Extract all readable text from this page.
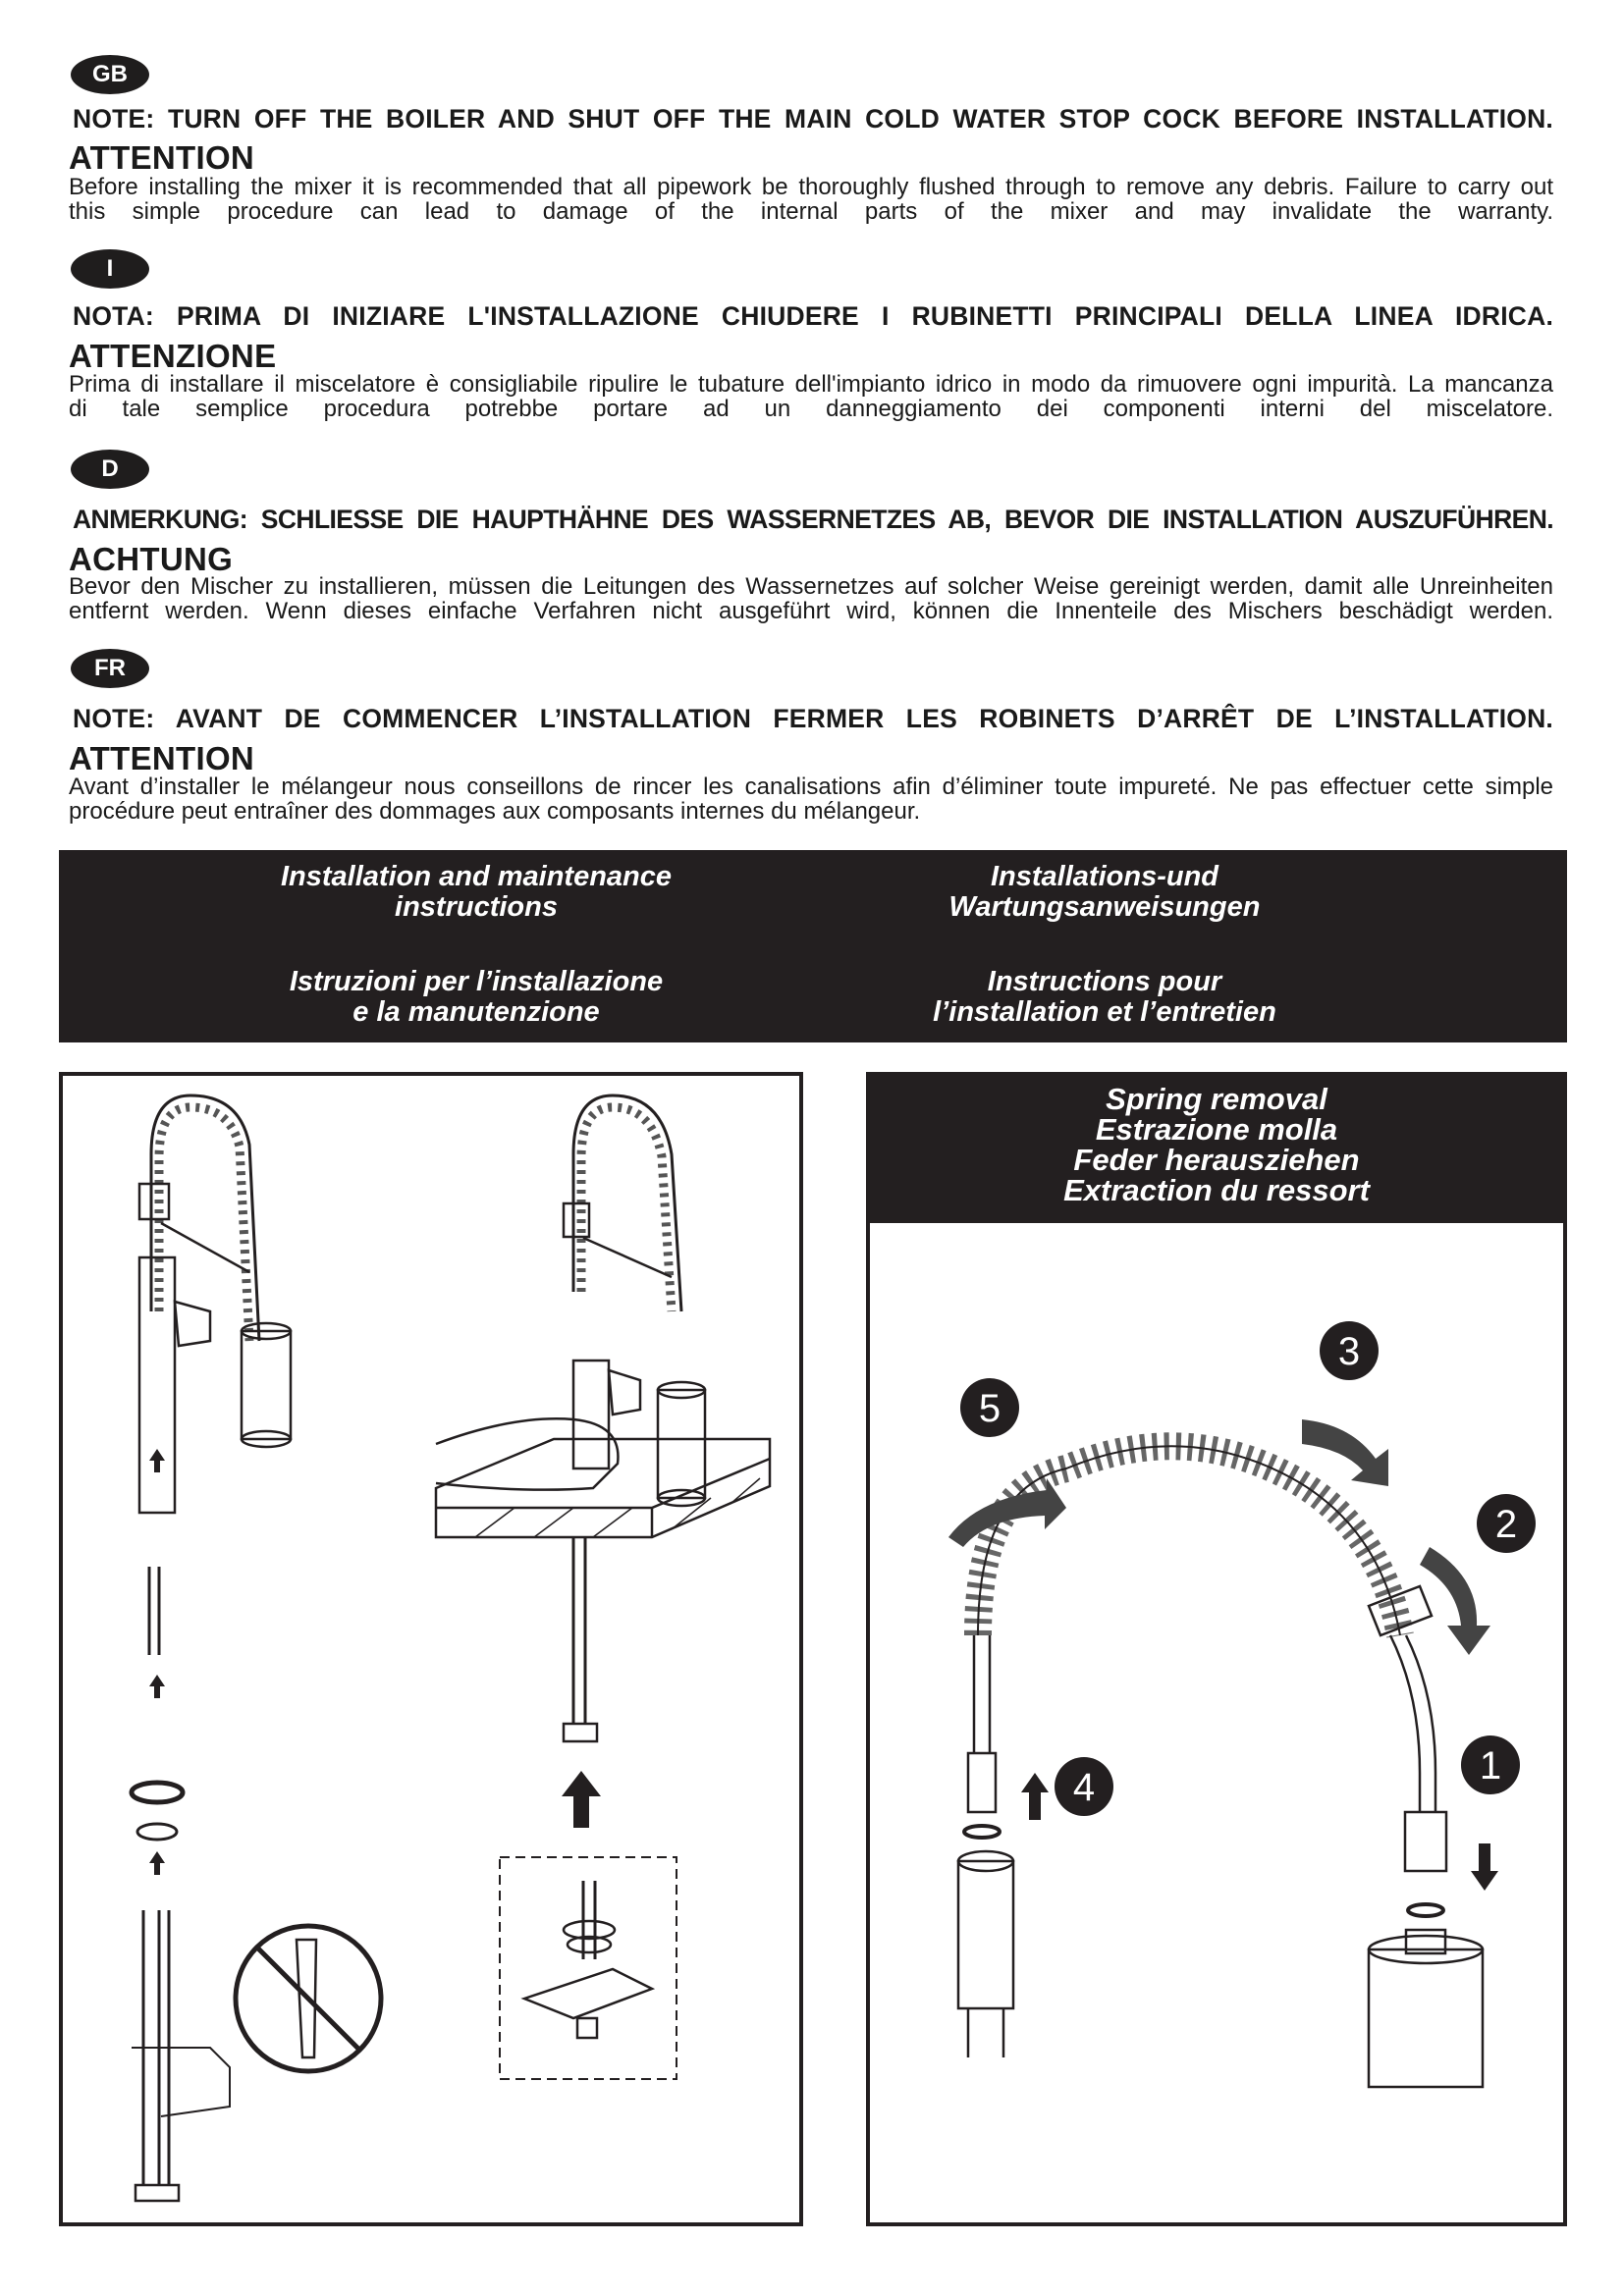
GB
NOTE: TURN OFF THE BOILER AND SHUT OFF THE MAIN COLD WATER STOP COCK BEFORE INSTALLATION.
ATTENTION
Before installing the mixer it is recommended that all pipework be thoroughly flushed through to remove any debris. Failure to carry out
this simple procedure can lead to damage of the internal parts of the mixer and may invalidate the warranty.
I
NOTA: PRIMA DI INIZIARE L'INSTALLAZIONE CHIUDERE I RUBINETTI PRINCIPALI DELLA LINEA IDRICA.
ATTENZIONE
Prima di installare il miscelatore è consigliabile ripulire le tubature dell'impianto idrico in modo da rimuovere ogni impurità. La mancanza
di tale semplice procedura potrebbe portare ad un danneggiamento dei componenti interni del miscelatore.
D
ANMERKUNG: SCHLIESSE DIE HAUPTHÄHNE DES WASSERNETZES AB, BEVOR DIE INSTALLATION AUSZUFÜHREN.
ACHTUNG
Bevor den Mischer zu installieren, müssen die Leitungen des Wassernetzes auf solcher Weise gereinigt werden, damit alle Unreinheiten
entfernt werden. Wenn dieses einfache Verfahren nicht ausgeführt wird, können die Innenteile des Mischers beschädigt werden.
FR
NOTE: AVANT DE COMMENCER L’INSTALLATION FERMER LES ROBINETS D’ARRÊT DE L’INSTALLATION.
ATTENTION
Avant d’installer le mélangeur nous conseillons de rincer les canalisations afin d’éliminer toute impureté. Ne pas effectuer cette simple
procédure peut entraîner des dommages aux composants internes du mélangeur.
Installation and maintenance
instructions
Installations-und
Wartungsanweisungen
Istruzioni per l’installazione
e la manutenzione
Instructions pour
l’installation et l’entretien
Spring removal
Estrazione molla
Feder herausziehen
Extraction du ressort
5
3
2
1
4
